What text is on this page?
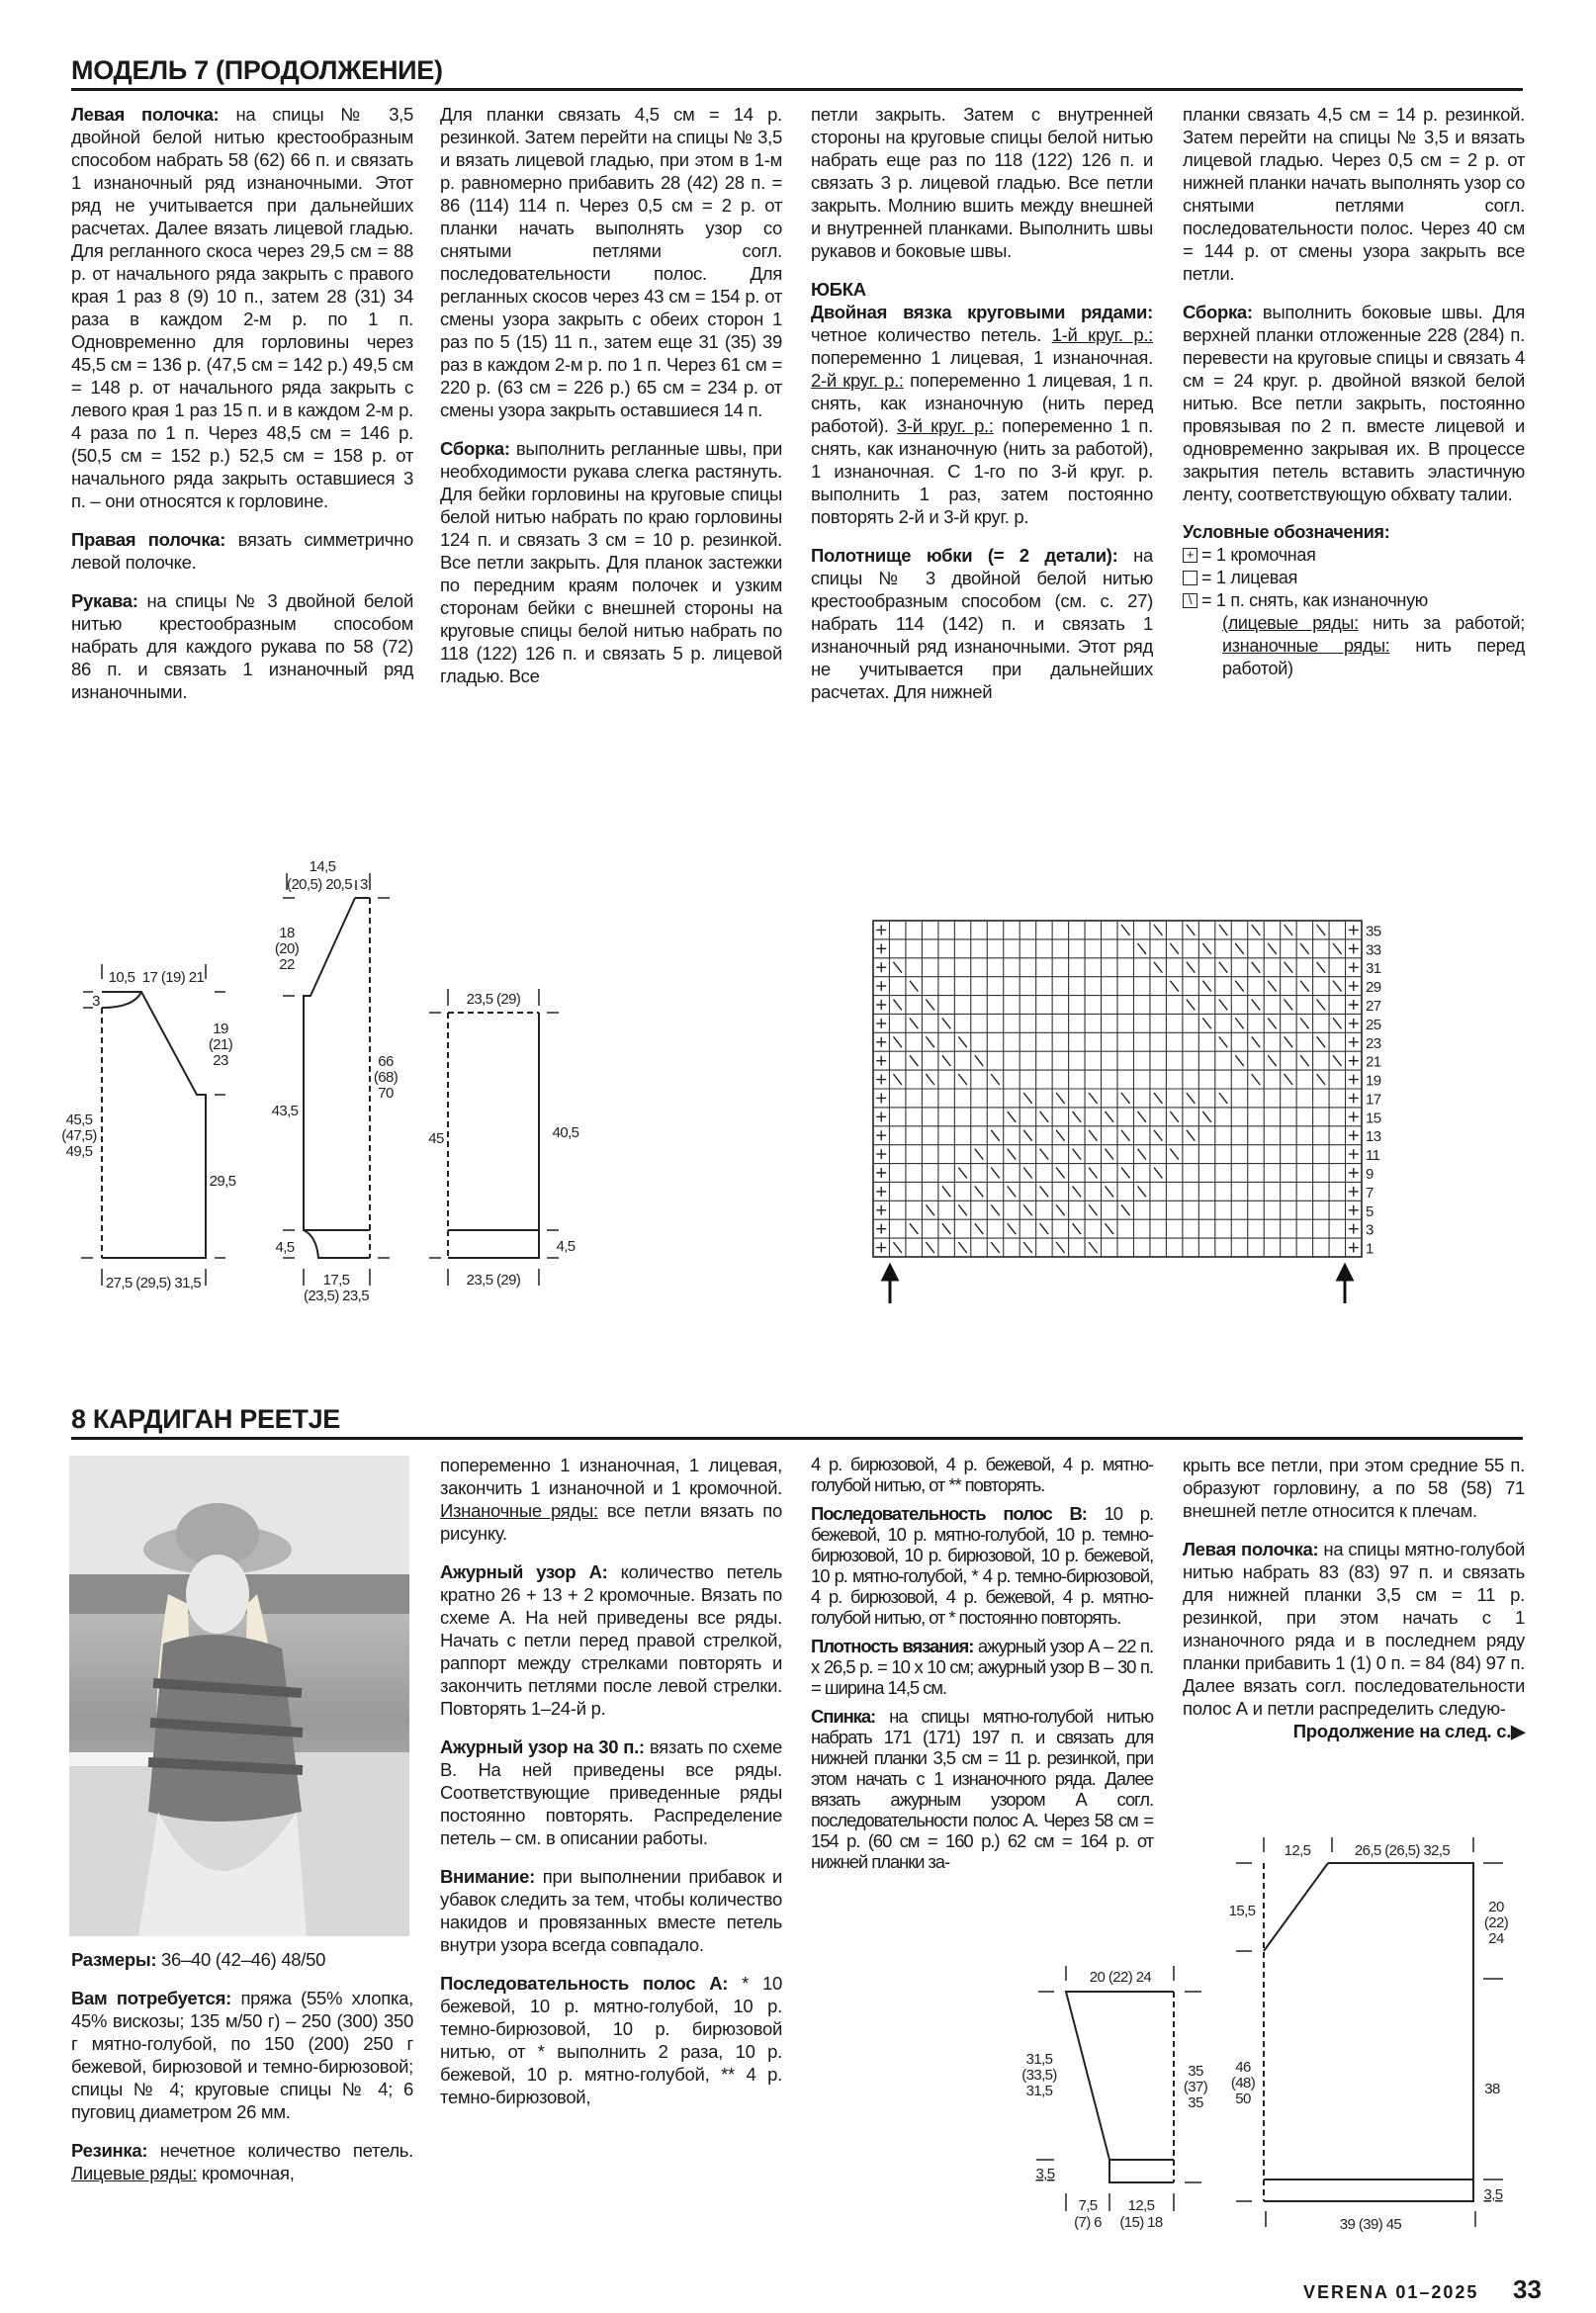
МОДЕЛЬ 7 (ПРОДОЛЖЕНИЕ)

Левая полочка: на спицы № 3,5 двойной белой нитью крестообразным способом набрать 58 (62) 66 п. и связать 1 изнаночный ряд изнаночными. Этот ряд не учитывается при дальнейших расчетах. Далее вязать лицевой гладью. Для регланного скоса через 29,5 см = 88 р. от начального ряда закрыть с правого края 1 раз 8 (9) 10 п., затем 28 (31) 34 раза в каждом 2-м р. по 1 п. Одновременно для горловины через 45,5 см = 136 р. (47,5 см = 142 р.) 49,5 см = 148 р. от начального ряда закрыть с левого края 1 раз 15 п. и в каждом 2-м р. 4 раза по 1 п. Через 48,5 см = 146 р. (50,5 см = 152 р.) 52,5 см = 158 р. от начального ряда закрыть оставшиеся 3 п. – они относятся к горловине.

Правая полочка: вязать симметрично левой полочке.

Рукава: на спицы № 3 двойной белой нитью крестообразным способом набрать для каждого рукава по 58 (72) 86 п. и связать 1 изнаночный ряд изнаночными.

Для планки связать 4,5 см = 14 р. резинкой. Затем перейти на спицы № 3,5 и вязать лицевой гладью, при этом в 1-м р. равномерно прибавить 28 (42) 28 п. = 86 (114) 114 п. Через 0,5 см = 2 р. от планки начать выполнять узор со снятыми петлями согл. последовательности полос. Для регланных скосов через 43 см = 154 р. от смены узора закрыть с обеих сторон 1 раз по 5 (15) 11 п., затем еще 31 (35) 39 раз в каждом 2-м р. по 1 п. Через 61 см = 220 р. (63 см = 226 р.) 65 см = 234 р. от смены узора закрыть оставшиеся 14 п.

Сборка: выполнить регланные швы, при необходимости рукава слегка растянуть. Для бейки горловины на круговые спицы белой нитью набрать по краю горловины 124 п. и связать 3 см = 10 р. резинкой. Все петли закрыть. Для планок застежки по передним краям полочек и узким сторонам бейки с внешней стороны на круговые спицы белой нитью набрать по 118 (122) 126 п. и связать 5 р. лицевой гладью. Все

петли закрыть. Затем с внутренней стороны на круговые спицы белой нитью набрать еще раз по 118 (122) 126 п. и связать 3 р. лицевой гладью. Все петли закрыть. Молнию вшить между внешней и внутренней планками. Выполнить швы рукавов и боковые швы.

ЮБКА

Двойная вязка круговыми рядами: четное количество петель. 1-й круг. р.: попеременно 1 лицевая, 1 изнаночная. 2-й круг. р.: попеременно 1 лицевая, 1 п. снять, как изнаночную (нить перед работой). 3-й круг. р.: попеременно 1 п. снять, как изнаночную (нить за работой), 1 изнаночная. С 1-го по 3-й круг. р. выполнить 1 раз, затем постоянно повторять 2-й и 3-й круг. р.

Полотнище юбки (= 2 детали): на спицы № 3 двойной белой нитью крестообразным способом (см. с. 27) набрать 114 (142) п. и связать 1 изнаночный ряд изнаночными. Этот ряд не учитывается при дальнейших расчетах. Для нижней

планки связать 4,5 см = 14 р. резинкой. Затем перейти на спицы № 3,5 и вязать лицевой гладью. Через 0,5 см = 2 р. от нижней планки начать выполнять узор со снятыми петлями согл. последовательности полос. Через 40 см = 144 р. от смены узора закрыть все петли.

Сборка: выполнить боковые швы. Для верхней планки отложенные 228 (284) п. перевести на круговые спицы и связать 4 см = 24 круг. р. двойной вязкой белой нитью. Все петли закрыть, постоянно провязывая по 2 п. вместе лицевой и одновременно закрывая их. В процессе закрытия петель вставить эластичную ленту, соответствующую обхвату талии.

Условные обозначения:
+ = 1 кромочная
= 1 лицевая
\ = 1 п. снять, как изнаночную
(лицевые ряды: нить за работой; изнаночные ряды: нить перед работой)
8 КАРДИГАН PEETJE

Размеры: 36–40 (42–46) 48/50

Вам потребуется: пряжа (55% хлопка, 45% вискозы; 135 м/50 г) – 250 (300) 350 г мятно-голубой, по 150 (200) 250 г бежевой, бирюзовой и темно-бирюзовой; спицы № 4; круговые спицы № 4; 6 пуговиц диаметром 26 мм.

Резинка: нечетное количество петель. Лицевые ряды: кромочная,

попеременно 1 изнаночная, 1 лицевая, закончить 1 изнаночной и 1 кромочной. Изнаночные ряды: все петли вязать по рисунку.

Ажурный узор А: количество петель кратно 26 + 13 + 2 кромочные. Вязать по схеме А. На ней приведены все ряды. Начать с петли перед правой стрелкой, раппорт между стрелками повторять и закончить петлями после левой стрелки. Повторять 1–24-й р.

Ажурный узор на 30 п.: вязать по схеме В. На ней приведены все ряды. Соответствующие приведенные ряды постоянно повторять. Распределение петель – см. в описании работы.

Внимание: при выполнении прибавок и убавок следить за тем, чтобы количество накидов и провязанных вместе петель внутри узора всегда совпадало.

Последовательность полос А: * 10 бежевой, 10 р. мятно-голубой, 10 р. темно-бирюзовой, 10 р. бирюзовой нитью, от * выполнить 2 раза, 10 р. бежевой, 10 р. мятно-голубой, ** 4 р. темно-бирюзовой,

4 р. бирюзовой, 4 р. бежевой, 4 р. мятно-голубой нитью, от ** повторять.

Последовательность полос В: 10 р. бежевой, 10 р. мятно-голубой, 10 р. темно-бирюзовой, 10 р. бирюзовой, 10 р. бежевой, 10 р. мятно-голубой, * 4 р. темно-бирюзовой, 4 р. бирюзовой, 4 р. бежевой, 4 р. мятно-голубой нитью, от * постоянно повторять.

Плотность вязания: ажурный узор А – 22 п. х 26,5 р. = 10 х 10 см; ажурный узор В – 30 п. = ширина 14,5 см.

Спинка: на спицы мятно-голубой нитью набрать 171 (171) 197 п. и связать для нижней планки 3,5 см = 11 р. резинкой, при этом начать с 1 изнаночного ряда. Далее вязать ажурным узором А согл. последовательности полос А. Через 58 см = 154 р. (60 см = 160 р.) 62 см = 164 р. от нижней планки за-

крыть все петли, при этом средние 55 п. образуют горловину, а по 58 (58) 71 внешней петле относится к плечам.

Левая полочка: на спицы мятно-голубой нитью набрать 83 (83) 97 п. и связать для нижней планки 3,5 см = 11 р. резинкой, при этом начать с 1 изнаночного ряда и в последнем ряду планки прибавить 1 (1) 0 п. = 84 (84) 97 п. Далее вязать согл. последовательности полос А и петли распределить следую-

Продолжение на след. с.▶
VERENA 01–2025 33
10,5 17 (19) 21
3
19
(21)
23
45,5
(47,5)
49,5
29,5
27,5 (29,5) 31,5
14,5
(20,5) 20,5 3
18
(20)
22
43,5
66
(68)
70
4,5
17,5
(23,5) 23,5
23,5 (29)
45	40,5
4,5
23,5 (29)
20 (22) 24
31,5
(33,5)
31,5
35
(37)
35
3,5
7,5
(7) 6
12,5
(15) 18
12,5	26,5 (26,5) 32,5
15,5	20
(22)
24
46
(48)
50
38
3,5
39 (39) 45
1
3
5
7
9
11
13
15
17
19
21
23
25
27
29
31
33
35
